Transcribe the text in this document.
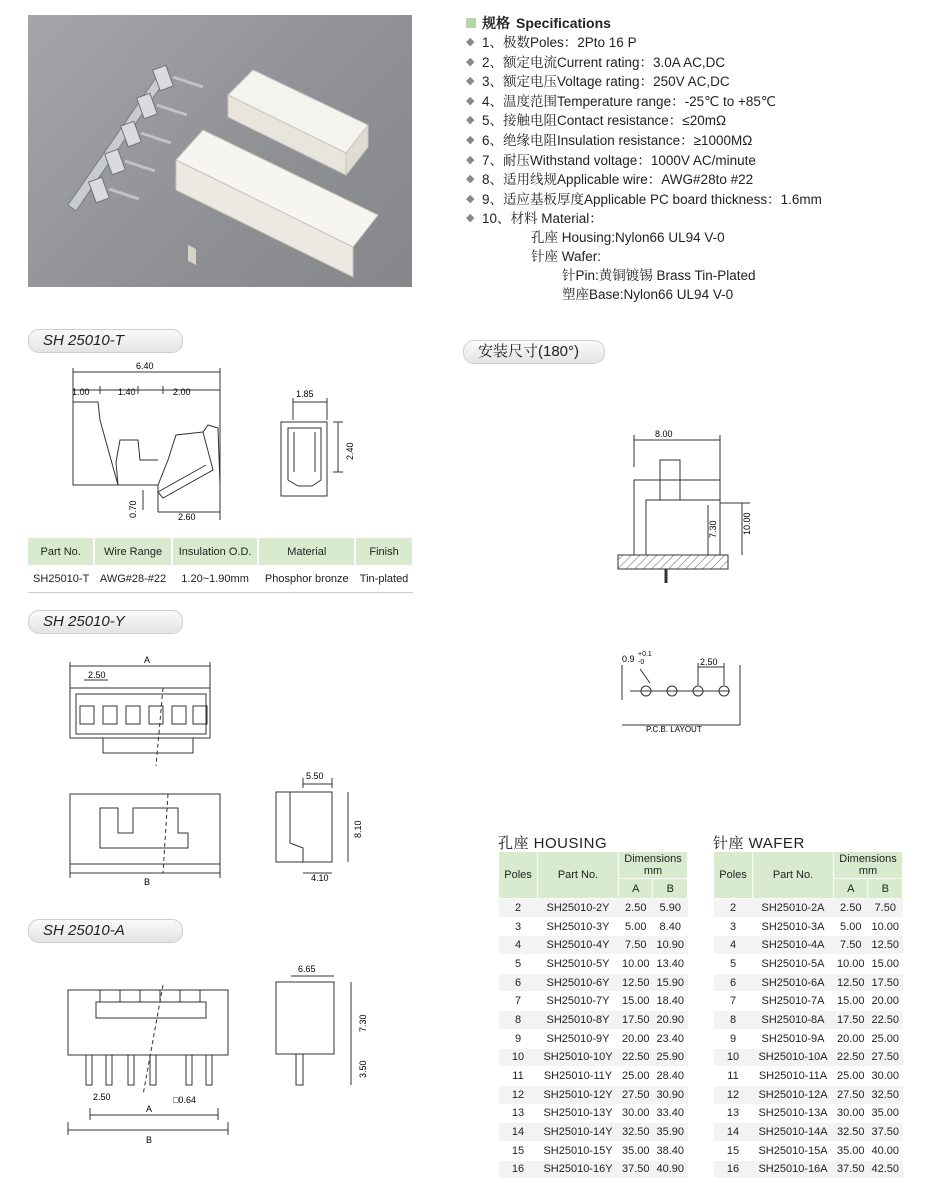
规格 Specifications
◆ 1、极数Poles：2Pto 16 P
◆ 2、额定电流Current rating：3.0A AC,DC
◆ 3、额定电压Voltage rating：250V AC,DC
◆ 4、温度范围Temperature range：-25℃ to +85℃
◆ 5、接触电阻Contact resistance：≤20mΩ
◆ 6、绝缘电阻Insulation resistance：≥1000MΩ
◆ 7、耐压Withstand voltage：1000V AC/minute
◆ 8、适用线规Applicable wire：AWG#28to #22
◆ 9、适应基板厚度Applicable PC board thickness：1.6mm
◆ 10、材料 Material：
孔座 Housing:Nylon66 UL94 V-0
针座 Wafer:
针Pin:黄铜镀锡 Brass Tin-Plated
塑座Base:Nylon66 UL94 V-0
SH 25010-T
安装尺寸(180°)
SH 25010-Y
SH 25010-A
6.40
1.00	1.40	2.00
0.70	2.60
1.85
2.40
Part No.	Wire Range	Insulation O.D.	Material	Finish
SH25010-T	AWG#28-#22	1.20~1.90mm	Phosphor bronze	Tin-plated
A
2.50
B
5.50
8.10
4.10
2.50	□0.64
A
B
6.65
7.30
3.50
8.00
7.30	10.00
0.9 +0.1
-0	2.50
P.C.B. LAYOUT
孔座 HOUSING
Poles	Part No.	Dimensions mm	
		A	B
2	SH25010-2Y	2.50	5.90
3	SH25010-3Y	5.00	8.40
4	SH25010-4Y	7.50	10.90
5	SH25010-5Y	10.00	13.40
6	SH25010-6Y	12.50	15.90
7	SH25010-7Y	15.00	18.40
8	SH25010-8Y	17.50	20.90
9	SH25010-9Y	20.00	23.40
10	SH25010-10Y	22.50	25.90
11	SH25010-11Y	25.00	28.40
12	SH25010-12Y	27.50	30.90
13	SH25010-13Y	30.00	33.40
14	SH25010-14Y	32.50	35.90
15	SH25010-15Y	35.00	38.40
16	SH25010-16Y	37.50	40.90
针座 WAFER
Poles	Part No.	Dimensions mm	
		A	B
2	SH25010-2A	2.50	7.50
3	SH25010-3A	5.00	10.00
4	SH25010-4A	7.50	12.50
5	SH25010-5A	10.00	15.00
6	SH25010-6A	12.50	17.50
7	SH25010-7A	15.00	20.00
8	SH25010-8A	17.50	22.50
9	SH25010-9A	20.00	25.00
10	SH25010-10A	22.50	27.50
11	SH25010-11A	25.00	30.00
12	SH25010-12A	27.50	32.50
13	SH25010-13A	30.00	35.00
14	SH25010-14A	32.50	37.50
15	SH25010-15A	35.00	40.00
16	SH25010-16A	37.50	42.50
